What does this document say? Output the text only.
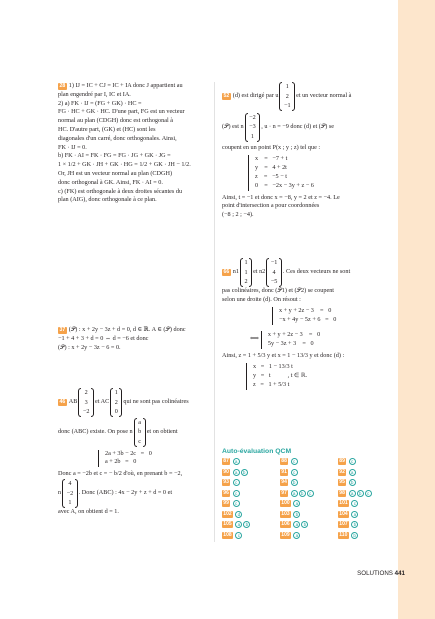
28 1) IJ = IC + CJ = IC + IA donc J appartient au
plan engendré par I, IC et IA.
2) a) FK · IJ = (FG + GK) · HC =
FG · HC + GK · HC. D'une part, FG est un vecteur
normal au plan (CDGH) donc est orthogonal à
HC. D'autre part, (GK) et (HC) sont les
diagonales d'un carré, donc orthogonales. Ainsi,
FK · IJ = 0.
b) FK · AI = FK · FG = FG · JG + GK · JG =
1 × 1/2 + GK · JH + GK · HG = 1/2 + GK · JH − 1/2.
Or, JH est un vecteur normal au plan (CDGH)
donc orthogonal à GK. Ainsi, FK · AI = 0.
c) (FK) est orthogonale à deux droites sécantes du
plan (AIG), donc orthogonale à ce plan.
37 (𝒫) : x + 2y − 3z + d = 0, d ∈ ℝ. A ∈ (𝒫) donc
−1 + 4 + 3 + d = 0 ⇔ d = −6 et donc
(𝒫) : x + 2y − 3z − 6 = 0.
46 AB
2
3
−2
et AC
1
2
0
qui ne sont pas colinéaires
donc (ABC) existe. On pose n
a
b
c
et on obtient
2a + 3b − 2c   =   0
a + 2b   =   0
Donc a = −2b et c = − b/2 d'où, en prenant b = −2,
n
4
−2
1
. Donc (ABC) : 4x − 2y + z + d = 0 et
avec A, on obtient d = 1.
52 (d) est dirigé par u
1
2
−1
et un vecteur normal à
(𝒫) est n
−2
−3
1
, u · n = −9 donc (d) et (𝒫) se
coupent en un point P(x ; y ; z) tel que :
x    =   −7 + t
y    =   4 + 2t
z    =   −5 − t
0    =   −2x − 3y + z − 6
Ainsi, t = −1 et donc x = −8, y = 2 et z = −4. Le
point d'intersection a pour coordonnées
(−8 ; 2 ; −4).
66 n1
1
1
2
et n2
−1
4
−5
. Ces deux vecteurs ne sont
pas colinéaires, donc (𝒫1) et (𝒫2) se coupent
selon une droite (d). On résout :
x + y + 2z − 3    =   0
−x + 4y − 5z + 6   =   0
⟺
x + y + 2z − 3    =   0
5y − 3z + 3    =   0
Ainsi, z = 1 + 5/3 y et x = 1 − 13/3 y et donc (d) :
x   =   1 − 13/3 t
y   =   t           , t ∈ ℝ.
z   =   1 + 5/3 t
Auto-évaluation QCM
87	a
90	a	b
93	c
96	c
99	c
102	d
105	a	b
108	c
88	c
91	c
94	b
97	a	b	c
100	a
103	b
106	a	b
109	a
89	c
92	a
95	b
98	a	b	c
101	c
104	a
107	b
110	b
SOLUTIONS 441
